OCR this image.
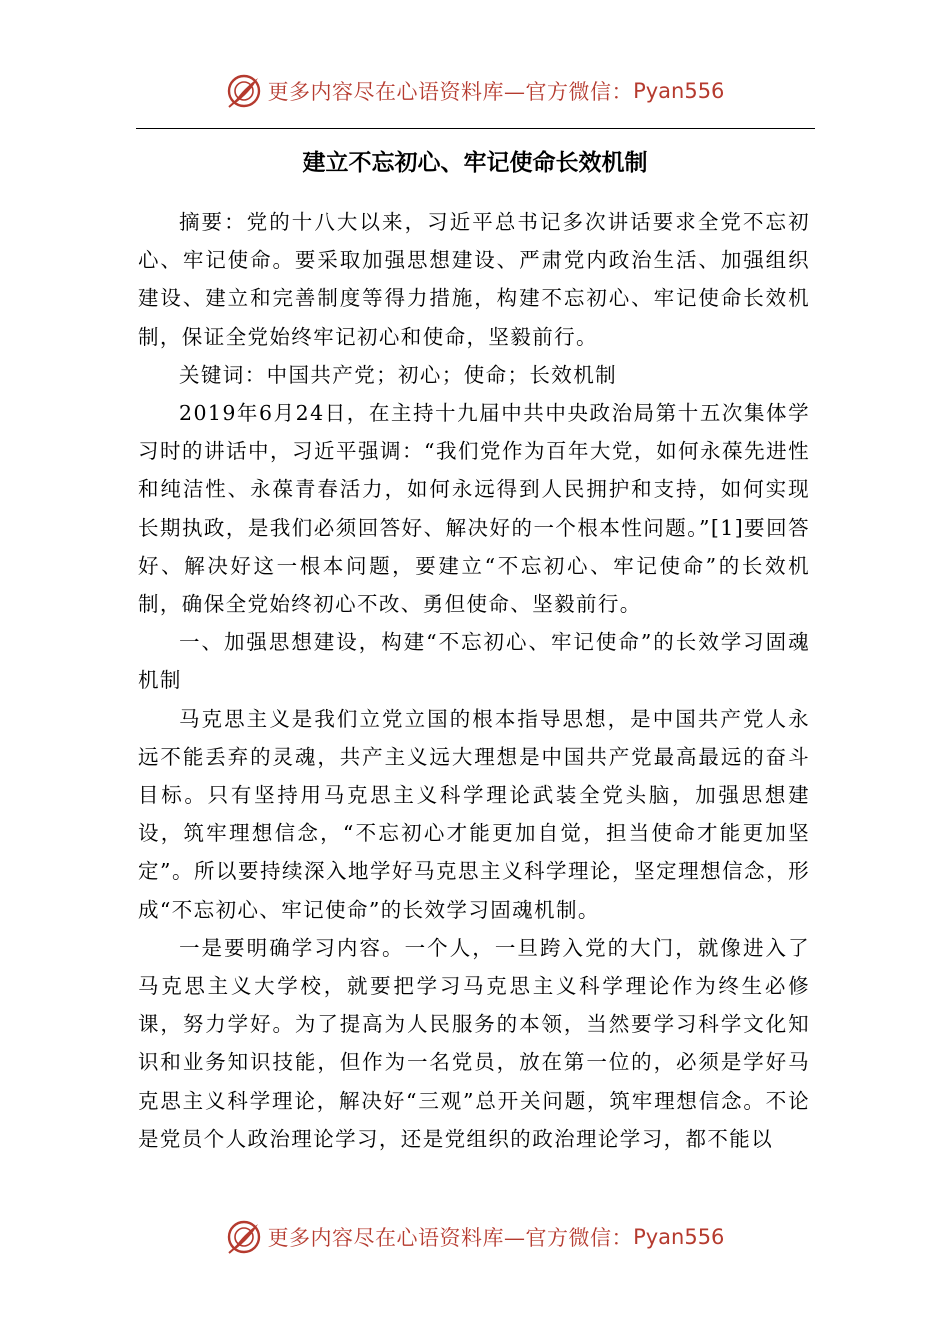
更多内容尽在心语资料库—官方微信： Pyan556
建立不忘初心、牢记使命长效机制

摘要：党的十八大以来，习近平总书记多次讲话要求全党不忘初心、牢记使命。要采取加强思想建设、严肃党内政治生活、加强组织建设、建立和完善制度等得力措施，构建不忘初心、牢记使命长效机制，保证全党始终牢记初心和使命，坚毅前行。

关键词：中国共产党；初心；使命；长效机制

2019年6月24日，在主持十九届中共中央政治局第十五次集体学习时的讲话中，习近平强调：“我们党作为百年大党，如何永葆先进性和纯洁性、永葆青春活力，如何永远得到人民拥护和支持，如何实现长期执政，是我们必须回答好、解决好的一个根本性问题。”[1]要回答好、解决好这一根本问题，要建立“不忘初心、牢记使命”的长效机制，确保全党始终初心不改、勇但使命、坚毅前行。

一、加强思想建设，构建“不忘初心、牢记使命”的长效学习固魂机制

马克思主义是我们立党立国的根本指导思想，是中国共产党人永远不能丢弃的灵魂，共产主义远大理想是中国共产党最高最远的奋斗目标。只有坚持用马克思主义科学理论武装全党头脑，加强思想建设，筑牢理想信念，“不忘初心才能更加自觉，担当使命才能更加坚定”。所以要持续深入地学好马克思主义科学理论，坚定理想信念，形成“不忘初心、牢记使命”的长效学习固魂机制。

一是要明确学习内容。一个人，一旦跨入党的大门，就像进入了马克思主义大学校，就要把学习马克思主义科学理论作为终生必修课，努力学好。为了提高为人民服务的本领，当然要学习科学文化知识和业务知识技能，但作为一名党员，放在第一位的，必须是学好马克思主义科学理论，解决好“三观”总开关问题，筑牢理想信念。不论是党员个人政治理论学习，还是党组织的政治理论学习，都不能以

更多内容尽在心语资料库—官方微信： Pyan556
